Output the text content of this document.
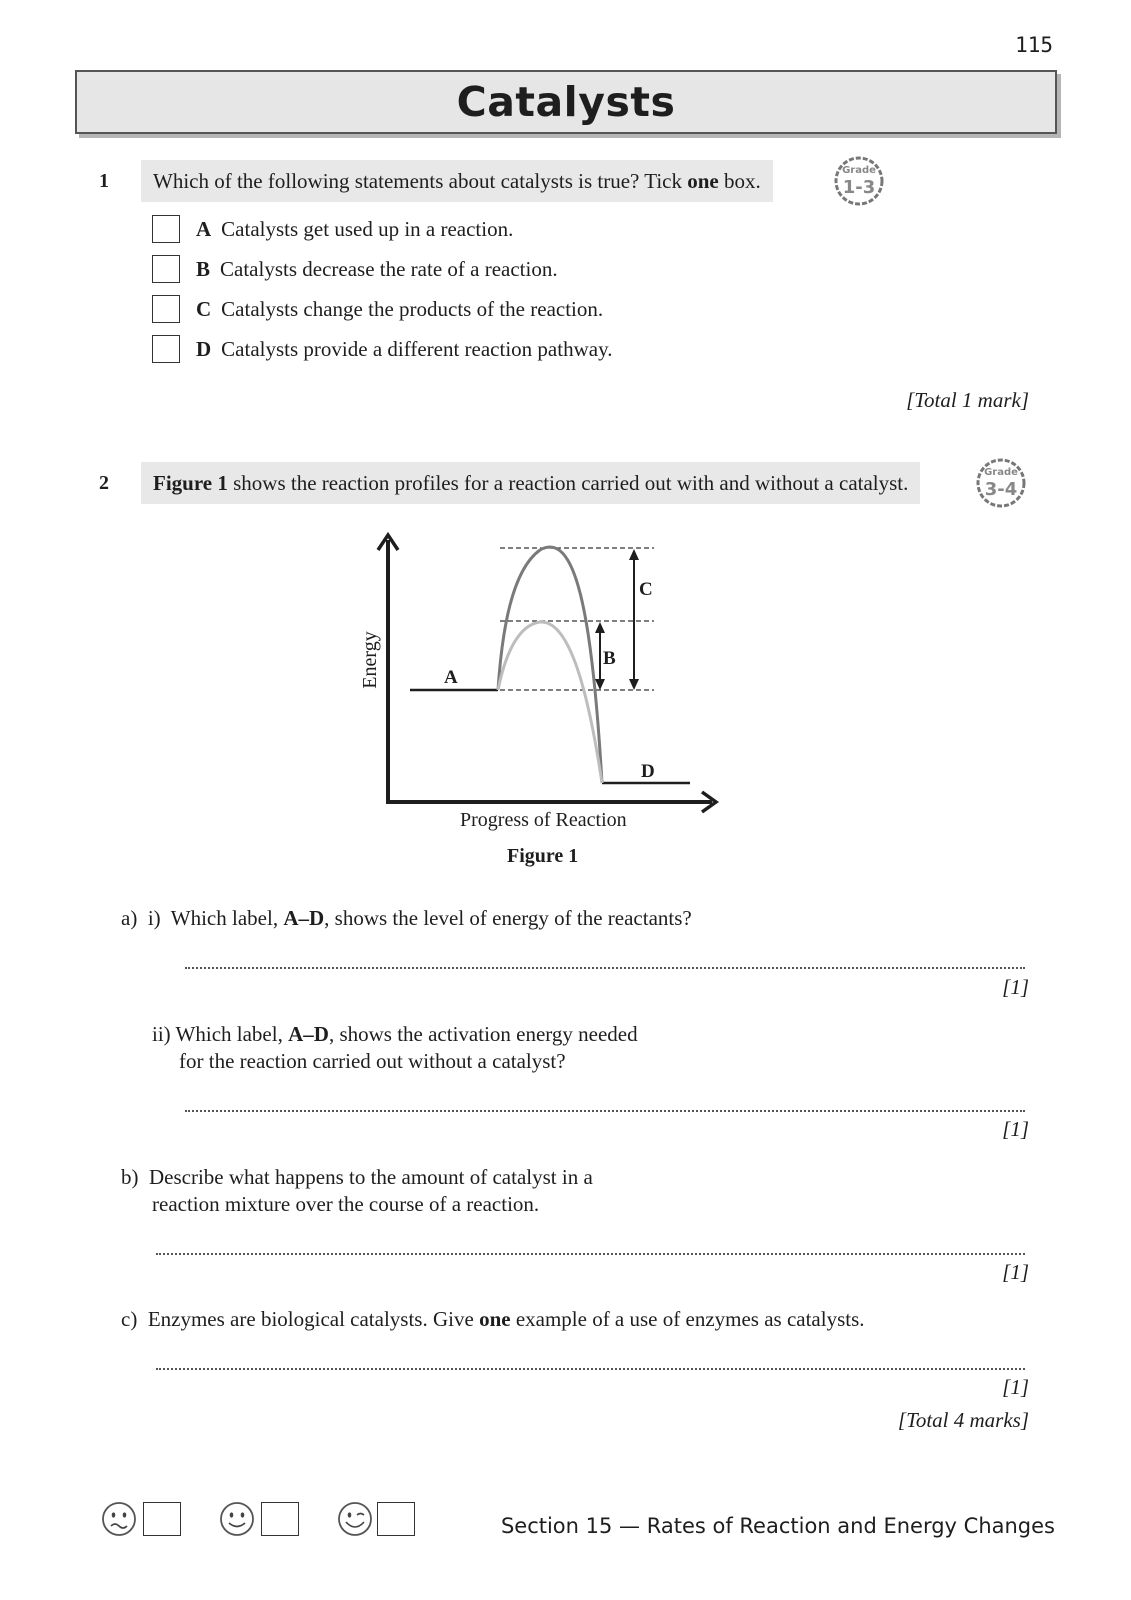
115
Catalysts
1	Which of the following statements about catalysts is true? Tick one box.	Grade
1-3
A Catalysts get used up in a reaction.
B Catalysts decrease the rate of a reaction.
C Catalysts change the products of the reaction.
D Catalysts provide a different reaction pathway.
[Total 1 mark]
2	Figure 1 shows the reaction profiles for a reaction carried out with and without a catalyst.	Grade
3-4
Energy	A
B
C
D
Progress of Reaction
Figure 1
a) i) Which label, A–D, shows the level of energy of the reactants?
[1]
ii) Which label, A–D, shows the activation energy needed
for the reaction carried out without a catalyst?
[1]
b) Describe what happens to the amount of catalyst in a
reaction mixture over the course of a reaction.
[1]
c) Enzymes are biological catalysts. Give one example of a use of enzymes as catalysts.
[1]
[Total 4 marks]
Section 15 — Rates of Reaction and Energy Changes
